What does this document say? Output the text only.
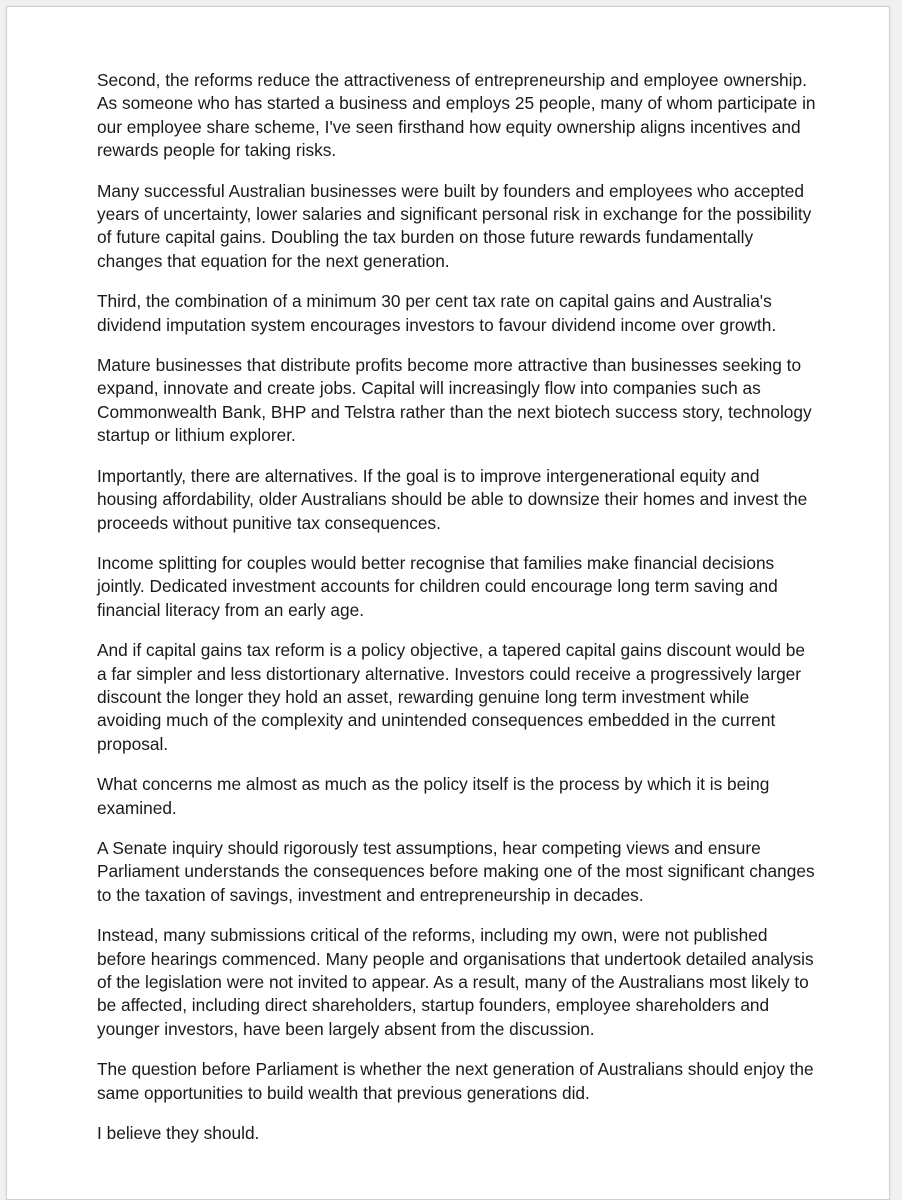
Second, the reforms reduce the attractiveness of entrepreneurship and employee ownership. As someone who has started a business and employs 25 people, many of whom participate in our employee share scheme, I've seen firsthand how equity ownership aligns incentives and rewards people for taking risks.

Many successful Australian businesses were built by founders and employees who accepted years of uncertainty, lower salaries and significant personal risk in exchange for the possibility of future capital gains. Doubling the tax burden on those future rewards fundamentally changes that equation for the next generation.

Third, the combination of a minimum 30 per cent tax rate on capital gains and Australia's dividend imputation system encourages investors to favour dividend income over growth.

Mature businesses that distribute profits become more attractive than businesses seeking to expand, innovate and create jobs. Capital will increasingly flow into companies such as Commonwealth Bank, BHP and Telstra rather than the next biotech success story, technology startup or lithium explorer.

Importantly, there are alternatives. If the goal is to improve intergenerational equity and housing affordability, older Australians should be able to downsize their homes and invest the proceeds without punitive tax consequences.

Income splitting for couples would better recognise that families make financial decisions jointly. Dedicated investment accounts for children could encourage long term saving and financial literacy from an early age.

And if capital gains tax reform is a policy objective, a tapered capital gains discount would be a far simpler and less distortionary alternative. Investors could receive a progressively larger discount the longer they hold an asset, rewarding genuine long term investment while avoiding much of the complexity and unintended consequences embedded in the current proposal.

What concerns me almost as much as the policy itself is the process by which it is being examined.

A Senate inquiry should rigorously test assumptions, hear competing views and ensure Parliament understands the consequences before making one of the most significant changes to the taxation of savings, investment and entrepreneurship in decades.

Instead, many submissions critical of the reforms, including my own, were not published before hearings commenced. Many people and organisations that undertook detailed analysis of the legislation were not invited to appear. As a result, many of the Australians most likely to be affected, including direct shareholders, startup founders, employee shareholders and younger investors, have been largely absent from the discussion.

The question before Parliament is whether the next generation of Australians should enjoy the same opportunities to build wealth that previous generations did.

I believe they should.
